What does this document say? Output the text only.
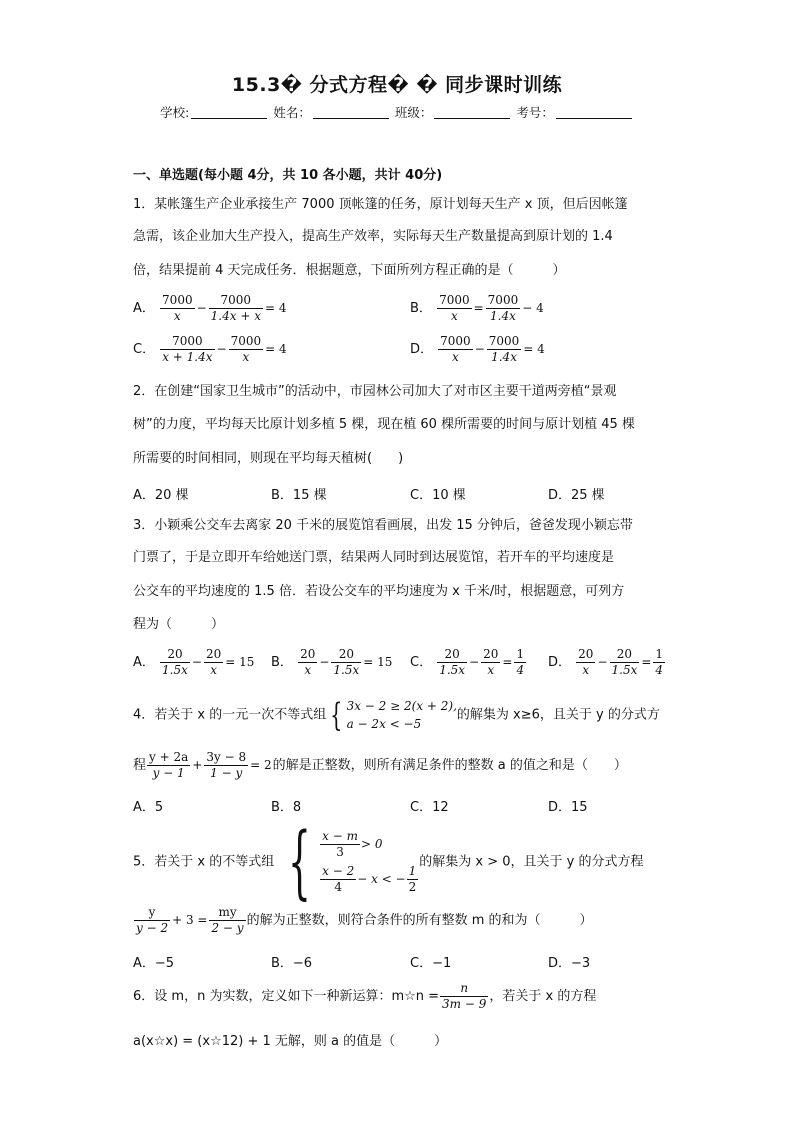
15.3� 分式方程� � 同步课时训练
学校:	姓名：	班级：	考号：
一、单选题(每小题 4分，共 10 各小题，共计 40分)
1．某帐篷生产企业承接生产 7000 顶帐篷的任务，原计划每天生产 x 顶，但后因帐篷
急需，该企业加大生产投入，提高生产效率，实际每天生产数量提高到原计划的 1.4
倍，结果提前 4 天完成任务．根据题意，下面所列方程正确的是（　　　）
A． $\frac{7000}{x} - \frac{7000}{1.4x + x} = 4$	B． $\frac{7000}{x} = \frac{7000}{1.4x} - 4$
C． $\frac{7000}{x + 1.4x} - \frac{7000}{x} = 4$	D． $\frac{7000}{x} - \frac{7000}{1.4x} = 4$
2．在创建“国家卫生城市”的活动中，市园林公司加大了对市区主要干道两旁植“景观
树”的力度，平均每天比原计划多植 5 棵，现在植 60 棵所需要的时间与原计划植 45 棵
所需要的时间相同，则现在平均每天植树(　　)
A．20 棵	B．15 棵	C．10 棵	D．25 棵
3．小颖乘公交车去离家 20 千米的展览馆看画展，出发 15 分钟后，爸爸发现小颖忘带
门票了，于是立即开车给她送门票，结果两人同时到达展览馆，若开车的平均速度是
公交车的平均速度的 1.5 倍．若设公交车的平均速度为 x 千米/时，根据题意，可列方
程为（　　　）
A． $\frac{20}{1.5x} - \frac{20}{x} = 15$ B． $\frac{20}{x} - \frac{20}{1.5x} = 15$ C． $\frac{20}{1.5x} - \frac{20}{x} = \frac{1}{4}$ D． $\frac{20}{x} - \frac{20}{1.5x} = \frac{1}{4}$
4．若关于 x 的一元一次不等式组 { 3x − 2 ≥ 2(x + 2),
a − 2x < −5
的解集为 x≥6，且关于 y 的分式方
程 $\frac{y + 2a}{y - 1} + \frac{3y - 8}{1 - y} = 2$的解是正整数，则所有满足条件的整数 a 的值之和是（　　）
A．5	B．8	C．12	D．15
5．若关于 x 的不等式组 { $\frac{x - m}{3} > 0$
$\frac{x - 2}{4} - x$ < − $\frac{1}{2}$
的解集为 x > 0，且关于 y 的分式方程
$\frac{y}{y - 2} + 3 = \frac{my}{2 - y}$ 的解为正整数，则符合条件的所有整数 m 的和为（　　　）
A．−5	B．−6	C．−1	D．−3
6．设 m，n 为实数，定义如下一种新运算：m☆n = $\frac{n}{3m - 9}$ ，若关于 x 的方程
a(x☆x) = (x☆12) + 1 无解，则 a 的值是（　　　）
